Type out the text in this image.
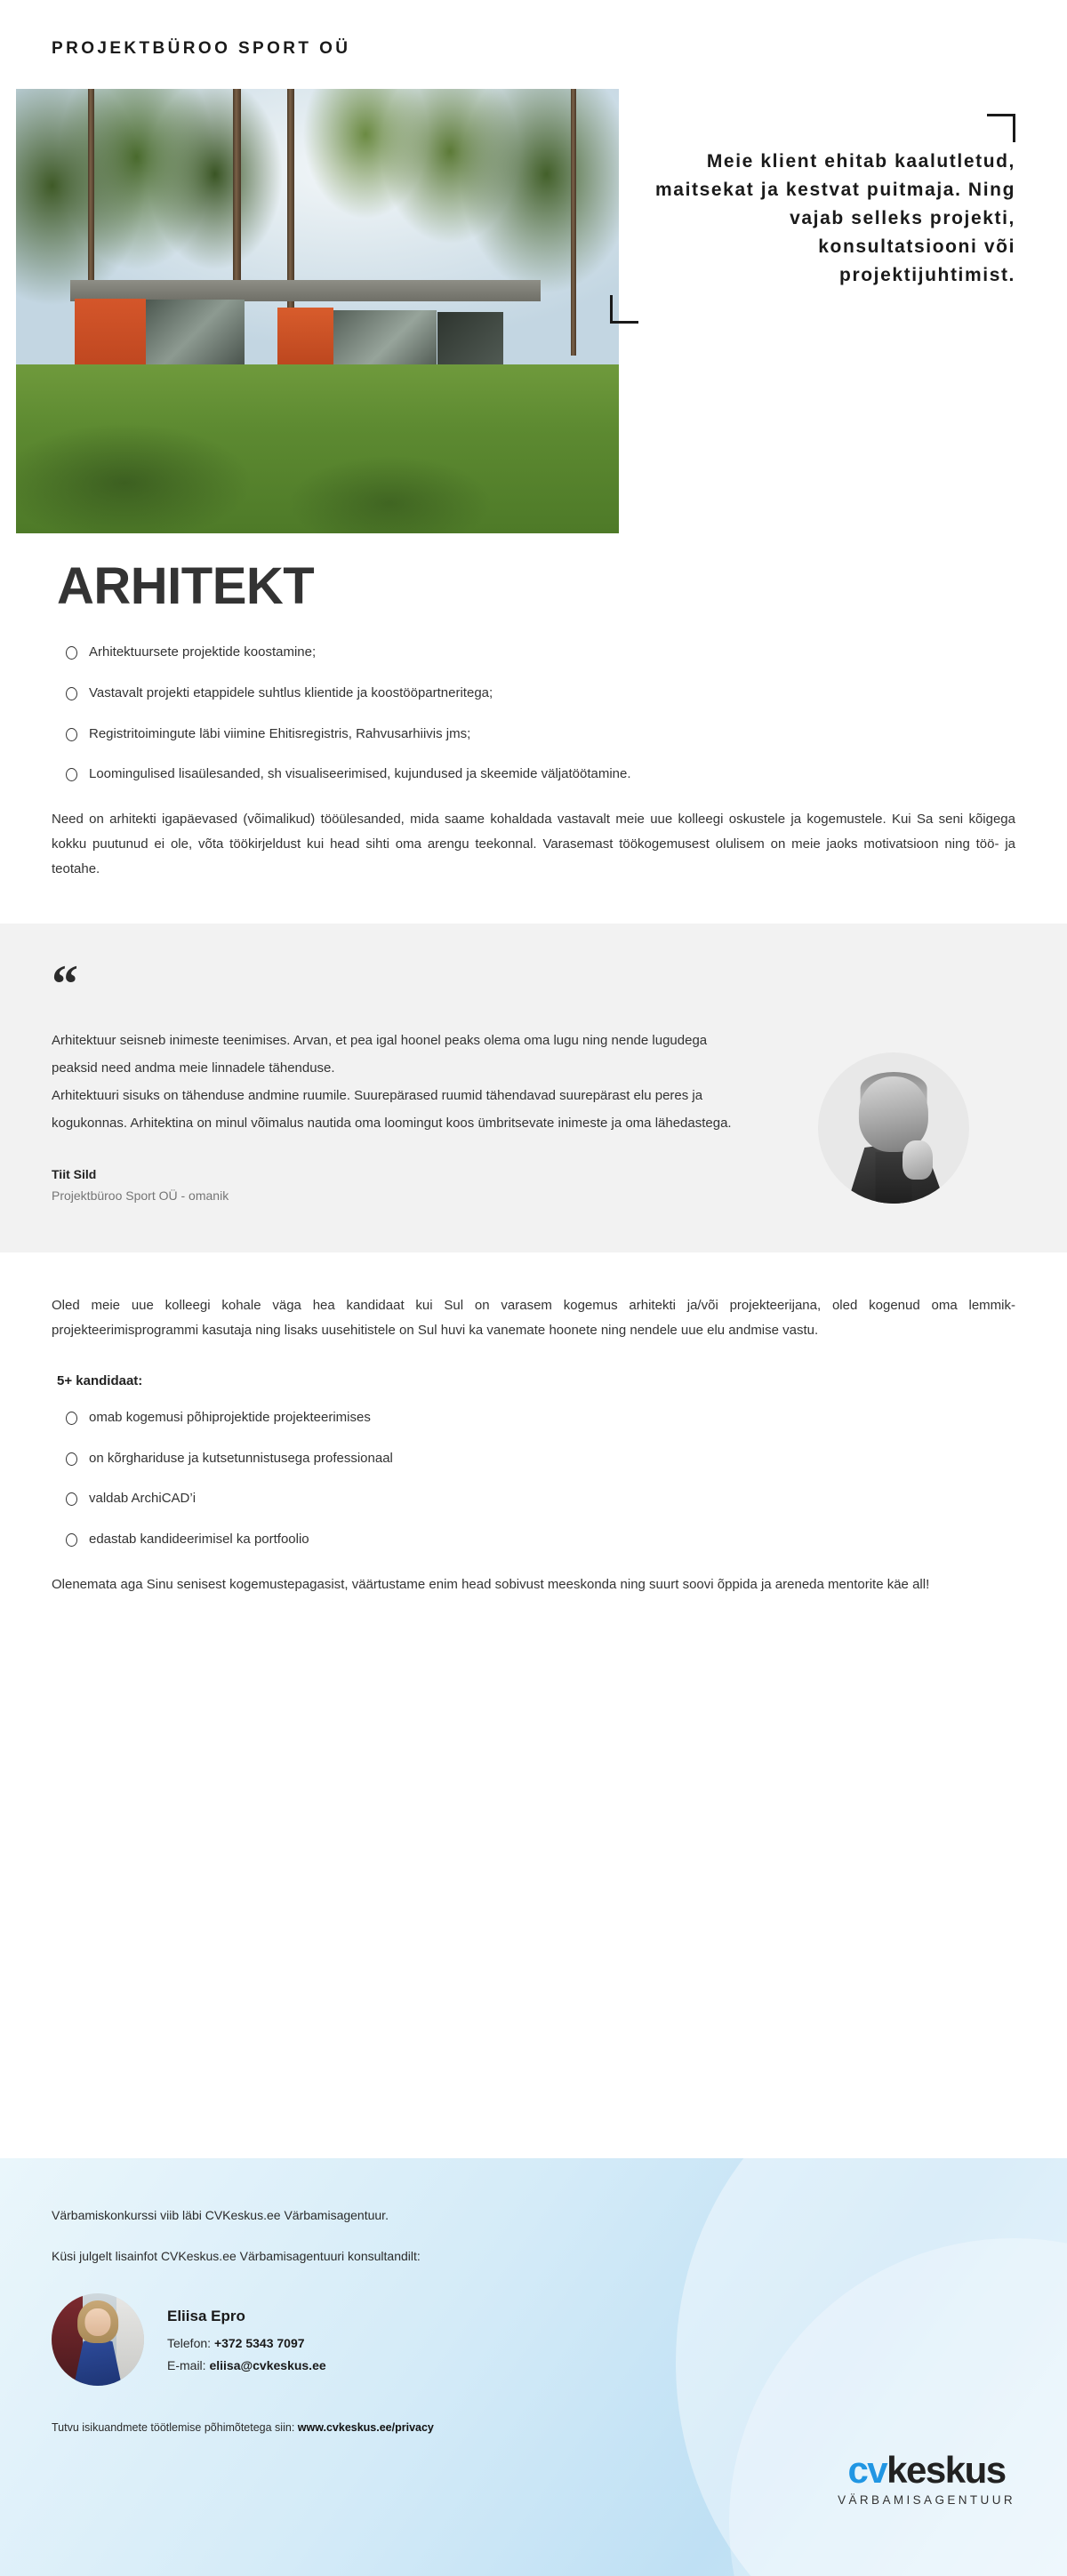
PROJEKTBÜROO SPORT OÜ
Meie klient ehitab kaalutletud, maitsekat ja kestvat puitmaja. Ning vajab selleks projekti, konsultatsiooni või projektijuhtimist.
ARHITEKT
Arhitektuursete projektide koostamine;
Vastavalt projekti etappidele suhtlus klientide ja koostööpartneritega;
Registritoimingute läbi viimine Ehitisregistris, Rahvusarhiivis jms;
Loomingulised lisaülesanded, sh visualiseerimised, kujundused ja skeemide väljatöötamine.

Need on arhitekti igapäevased (võimalikud) tööülesanded, mida saame kohaldada vastavalt meie uue kolleegi oskustele ja kogemustele. Kui Sa seni kõigega kokku puutunud ei ole, võta töökirjeldust kui head sihti oma arengu teekonnal. Varasemast töökogemusest olulisem on meie jaoks motivatsioon ning töö- ja teotahe.

“

Arhitektuur seisneb inimeste teenimises. Arvan, et pea igal hoonel peaks olema oma lugu ning nende lugudega peaksid need andma meie linnadele tähenduse.

Arhitektuuri sisuks on tähenduse andmine ruumile. Suurepärased ruumid tähendavad suurepärast elu peres ja kogukonnas. Arhitektina on minul võimalus nautida oma loomingut koos ümbritsevate inimeste ja oma lähedastega.

Tiit Sild
Projektbüroo Sport OÜ - omanik

Oled meie uue kolleegi kohale väga hea kandidaat kui Sul on varasem kogemus arhitekti ja/või projekteerijana, oled kogenud oma lemmik-projekteerimisprogrammi kasutaja ning lisaks uusehitistele on Sul huvi ka vanemate hoonete ning nendele uue elu andmise vastu.

5+ kandidaat:
omab kogemusi põhiprojektide projekteerimises
on kõrghariduse ja kutsetunnistusega professionaal
valdab ArchiCAD’i
edastab kandideerimisel ka portfoolio

Olenemata aga Sinu senisest kogemustepagasist, väärtustame enim head sobivust meeskonda ning suurt soovi õppida ja areneda mentorite käe all!

Värbamiskonkurssi viib läbi CVKeskus.ee Värbamisagentuur.
Küsi julgelt lisainfot CVKeskus.ee Värbamisagentuuri konsultandilt:
Eliisa Epro
Telefon: +372 5343 7097
E-mail: eliisa@cvkeskus.ee
Tutvu isikuandmete töötlemise põhimõtetega siin: www.cvkeskus.ee/privacy
cvkeskus
VÄRBAMISAGENTUUR
